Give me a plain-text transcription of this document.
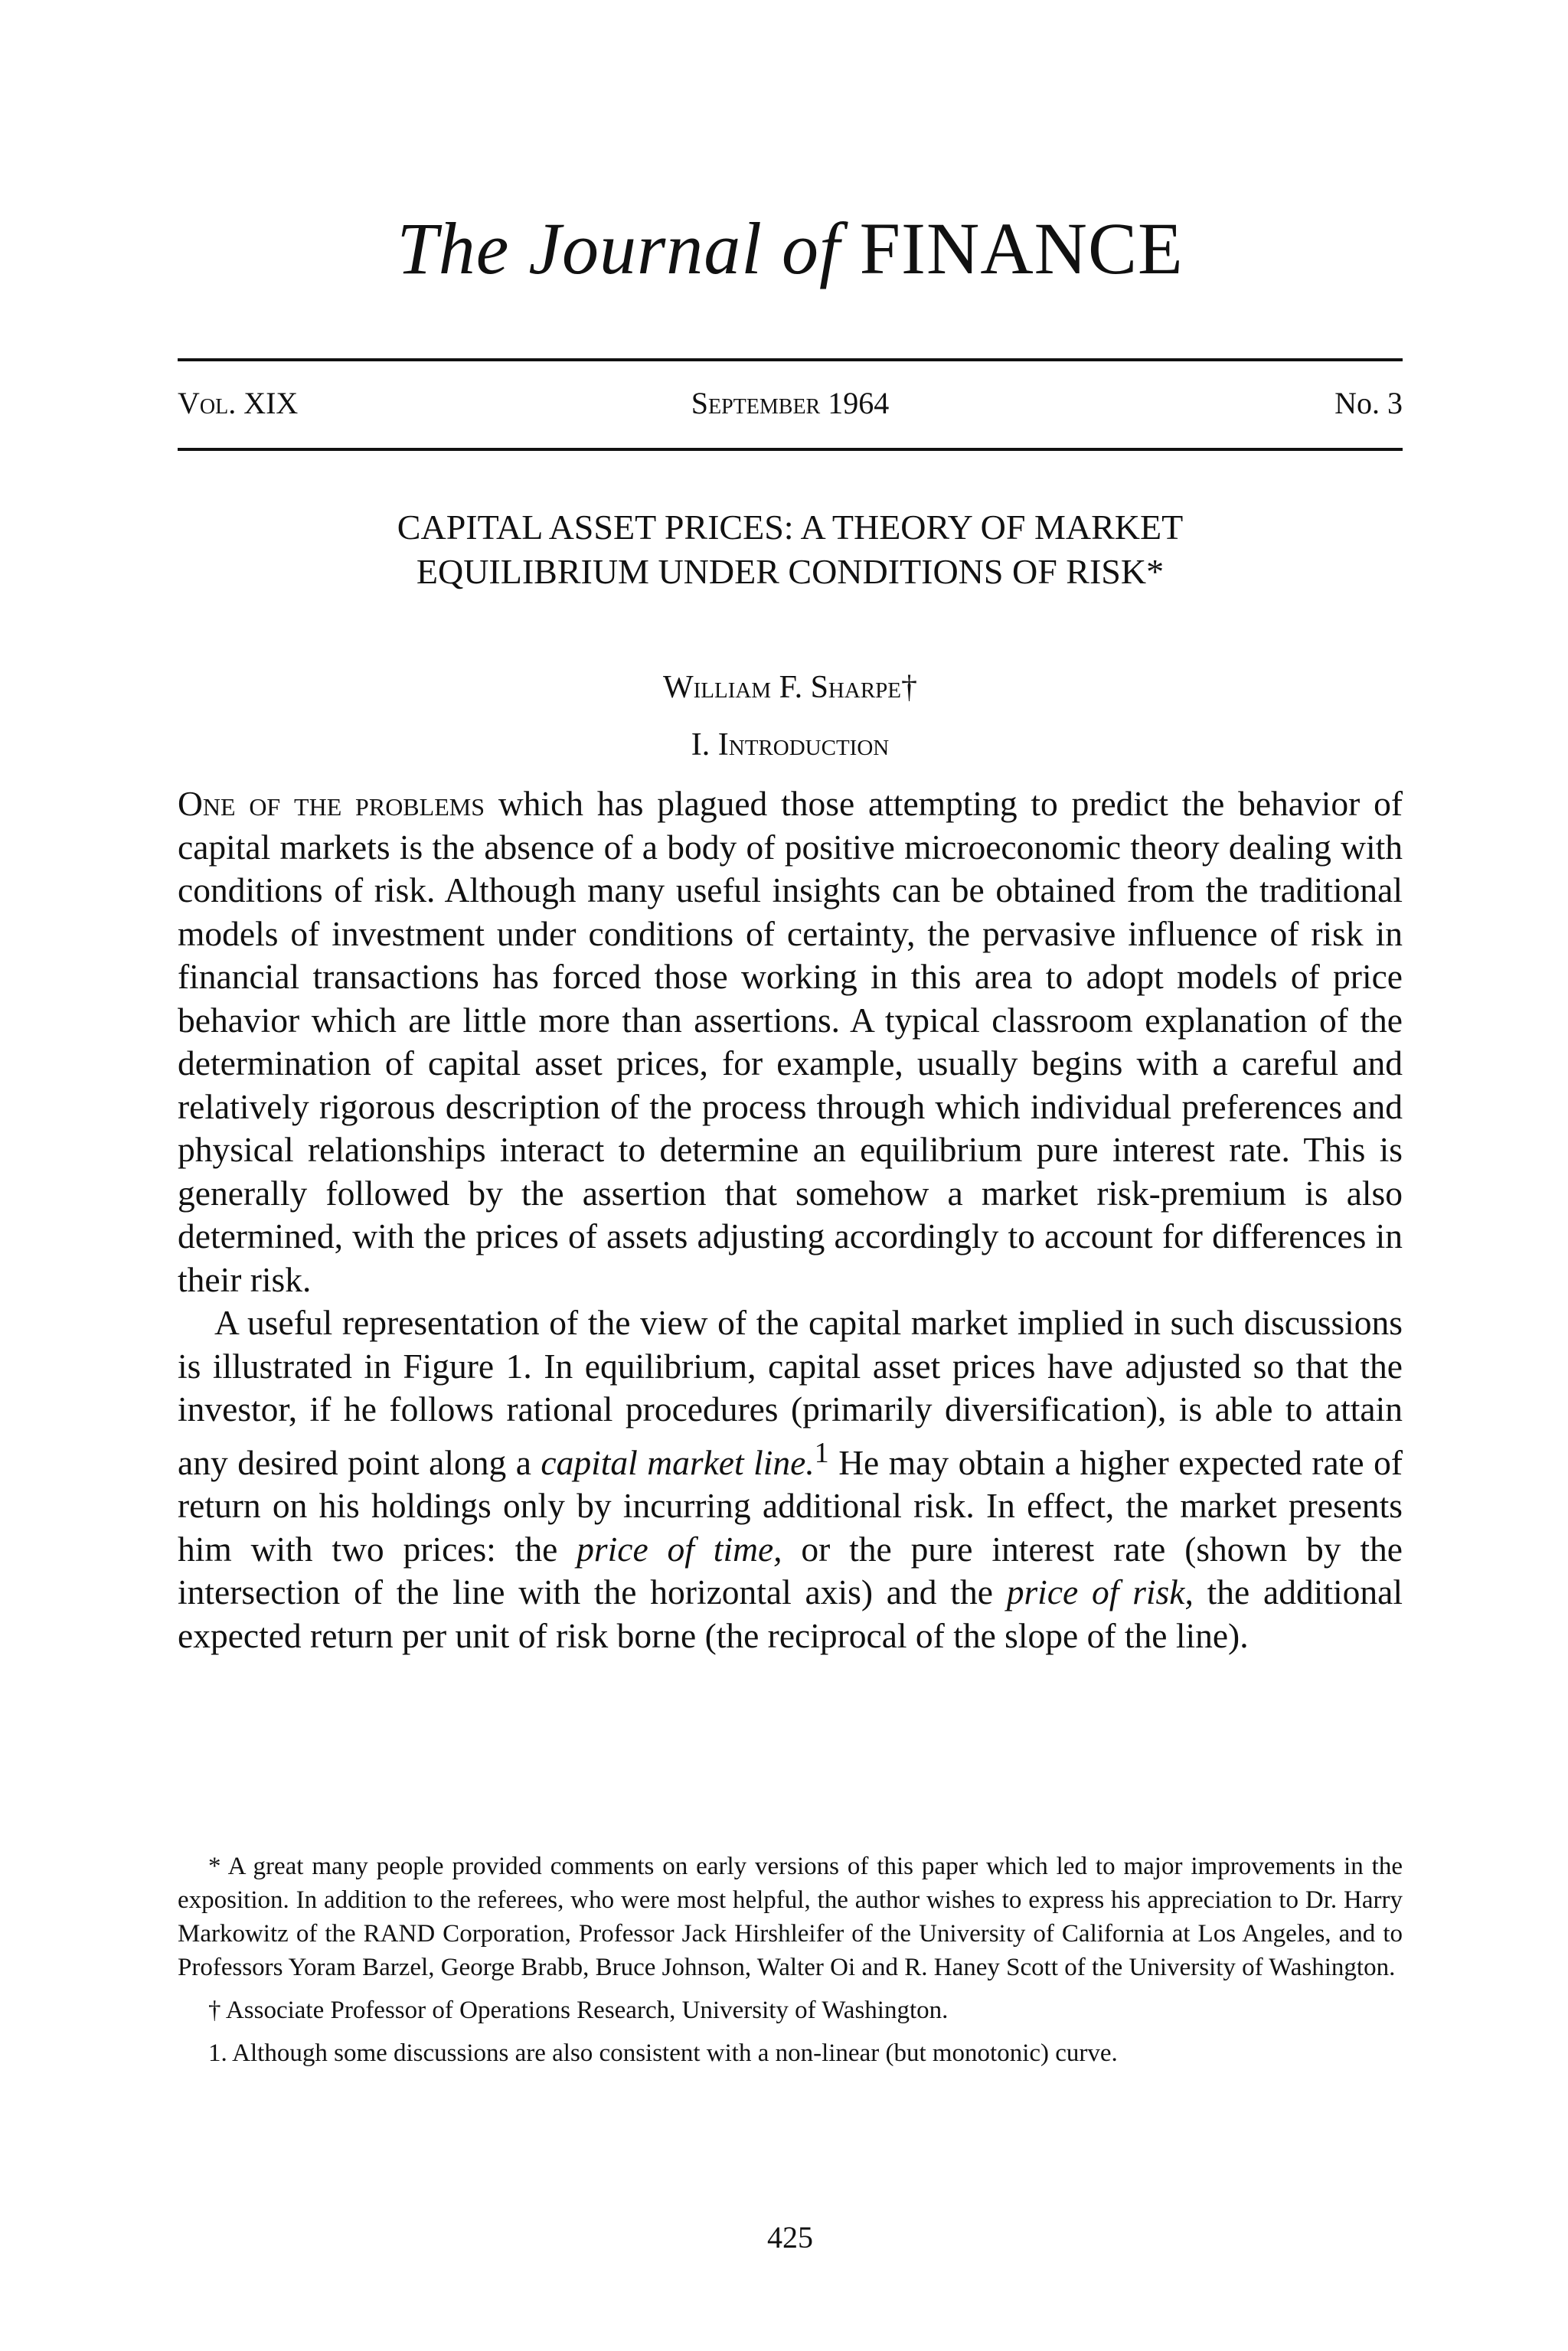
The Journal of FINANCE
Vol. XIX	September 1964	No. 3
CAPITAL ASSET PRICES: A THEORY OF MARKET
EQUILIBRIUM UNDER CONDITIONS OF RISK*
William F. Sharpe†
I. Introduction

One of the problems which has plagued those attempting to predict the behavior of capital markets is the absence of a body of positive microeconomic theory dealing with conditions of risk. Although many useful insights can be obtained from the traditional models of investment under conditions of certainty, the pervasive influence of risk in financial transactions has forced those working in this area to adopt models of price behavior which are little more than assertions. A typical classroom explanation of the determination of capital asset prices, for example, usually begins with a careful and relatively rigorous description of the process through which individual preferences and physical relationships interact to determine an equilibrium pure interest rate. This is generally followed by the assertion that somehow a market risk-premium is also determined, with the prices of assets adjusting accordingly to account for differences in their risk.

A useful representation of the view of the capital market implied in such discussions is illustrated in Figure 1. In equilibrium, capital asset prices have adjusted so that the investor, if he follows rational procedures (primarily diversification), is able to attain any desired point along a capital market line.$^1$ He may obtain a higher expected rate of return on his holdings only by incurring additional risk. In effect, the market presents him with two prices: the price of time, or the pure interest rate (shown by the intersection of the line with the horizontal axis) and the price of risk, the additional expected return per unit of risk borne (the reciprocal of the slope of the line).

* A great many people provided comments on early versions of this paper which led to major improvements in the exposition. In addition to the referees, who were most helpful, the author wishes to express his appreciation to Dr. Harry Markowitz of the RAND Corporation, Professor Jack Hirshleifer of the University of California at Los Angeles, and to Professors Yoram Barzel, George Brabb, Bruce Johnson, Walter Oi and R. Haney Scott of the University of Washington.

† Associate Professor of Operations Research, University of Washington.

1. Although some discussions are also consistent with a non-linear (but monotonic) curve.

425
